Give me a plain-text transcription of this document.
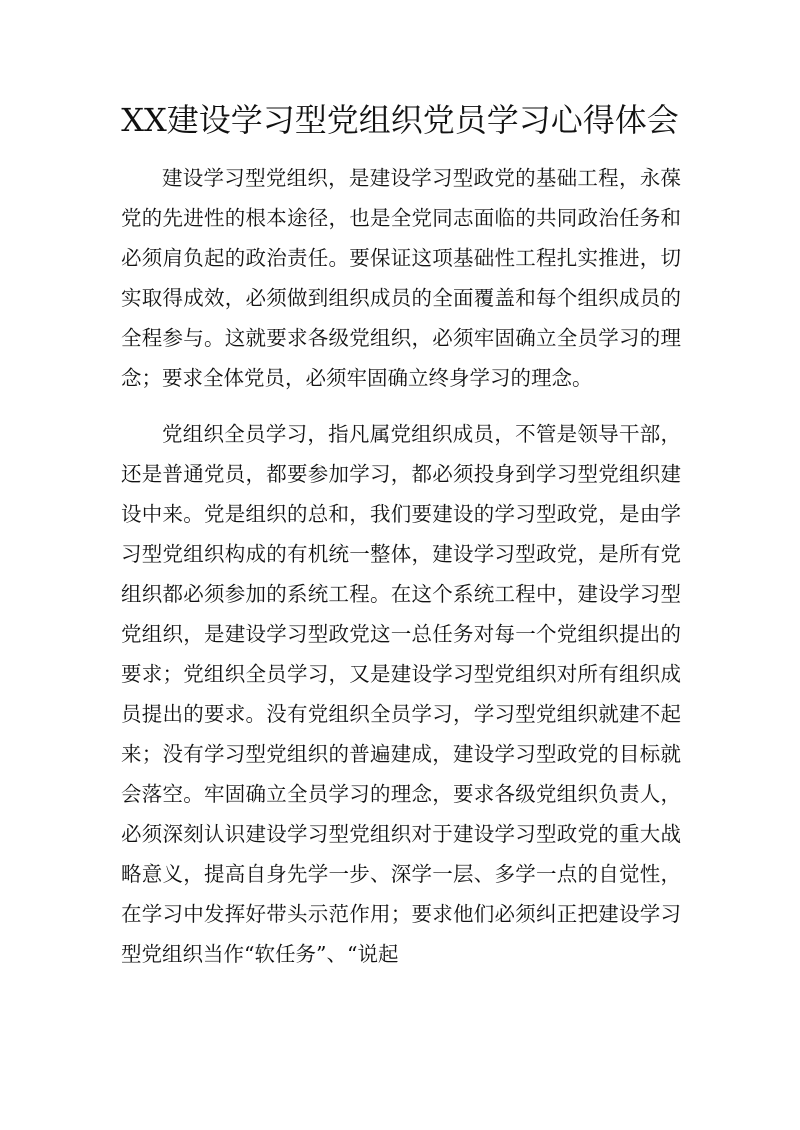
XX建设学习型党组织党员学习心得体会

建设学习型党组织，是建设学习型政党的基础工程，永葆党的先进性的根本途径，也是全党同志面临的共同政治任务和必须肩负起的政治责任。要保证这项基础性工程扎实推进，切实取得成效，必须做到组织成员的全面覆盖和每个组织成员的全程参与。这就要求各级党组织，必须牢固确立全员学习的理念；要求全体党员，必须牢固确立终身学习的理念。

党组织全员学习，指凡属党组织成员，不管是领导干部，还是普通党员，都要参加学习，都必须投身到学习型党组织建设中来。党是组织的总和，我们要建设的学习型政党，是由学习型党组织构成的有机统一整体，建设学习型政党，是所有党组织都必须参加的系统工程。在这个系统工程中，建设学习型党组织，是建设学习型政党这一总任务对每一个党组织提出的要求；党组织全员学习，又是建设学习型党组织对所有组织成员提出的要求。没有党组织全员学习，学习型党组织就建不起来；没有学习型党组织的普遍建成，建设学习型政党的目标就会落空。牢固确立全员学习的理念，要求各级党组织负责人，必须深刻认识建设学习型党组织对于建设学习型政党的重大战略意义，提高自身先学一步、深学一层、多学一点的自觉性，在学习中发挥好带头示范作用；要求他们必须纠正把建设学习型党组织当作“软任务”、“说起
